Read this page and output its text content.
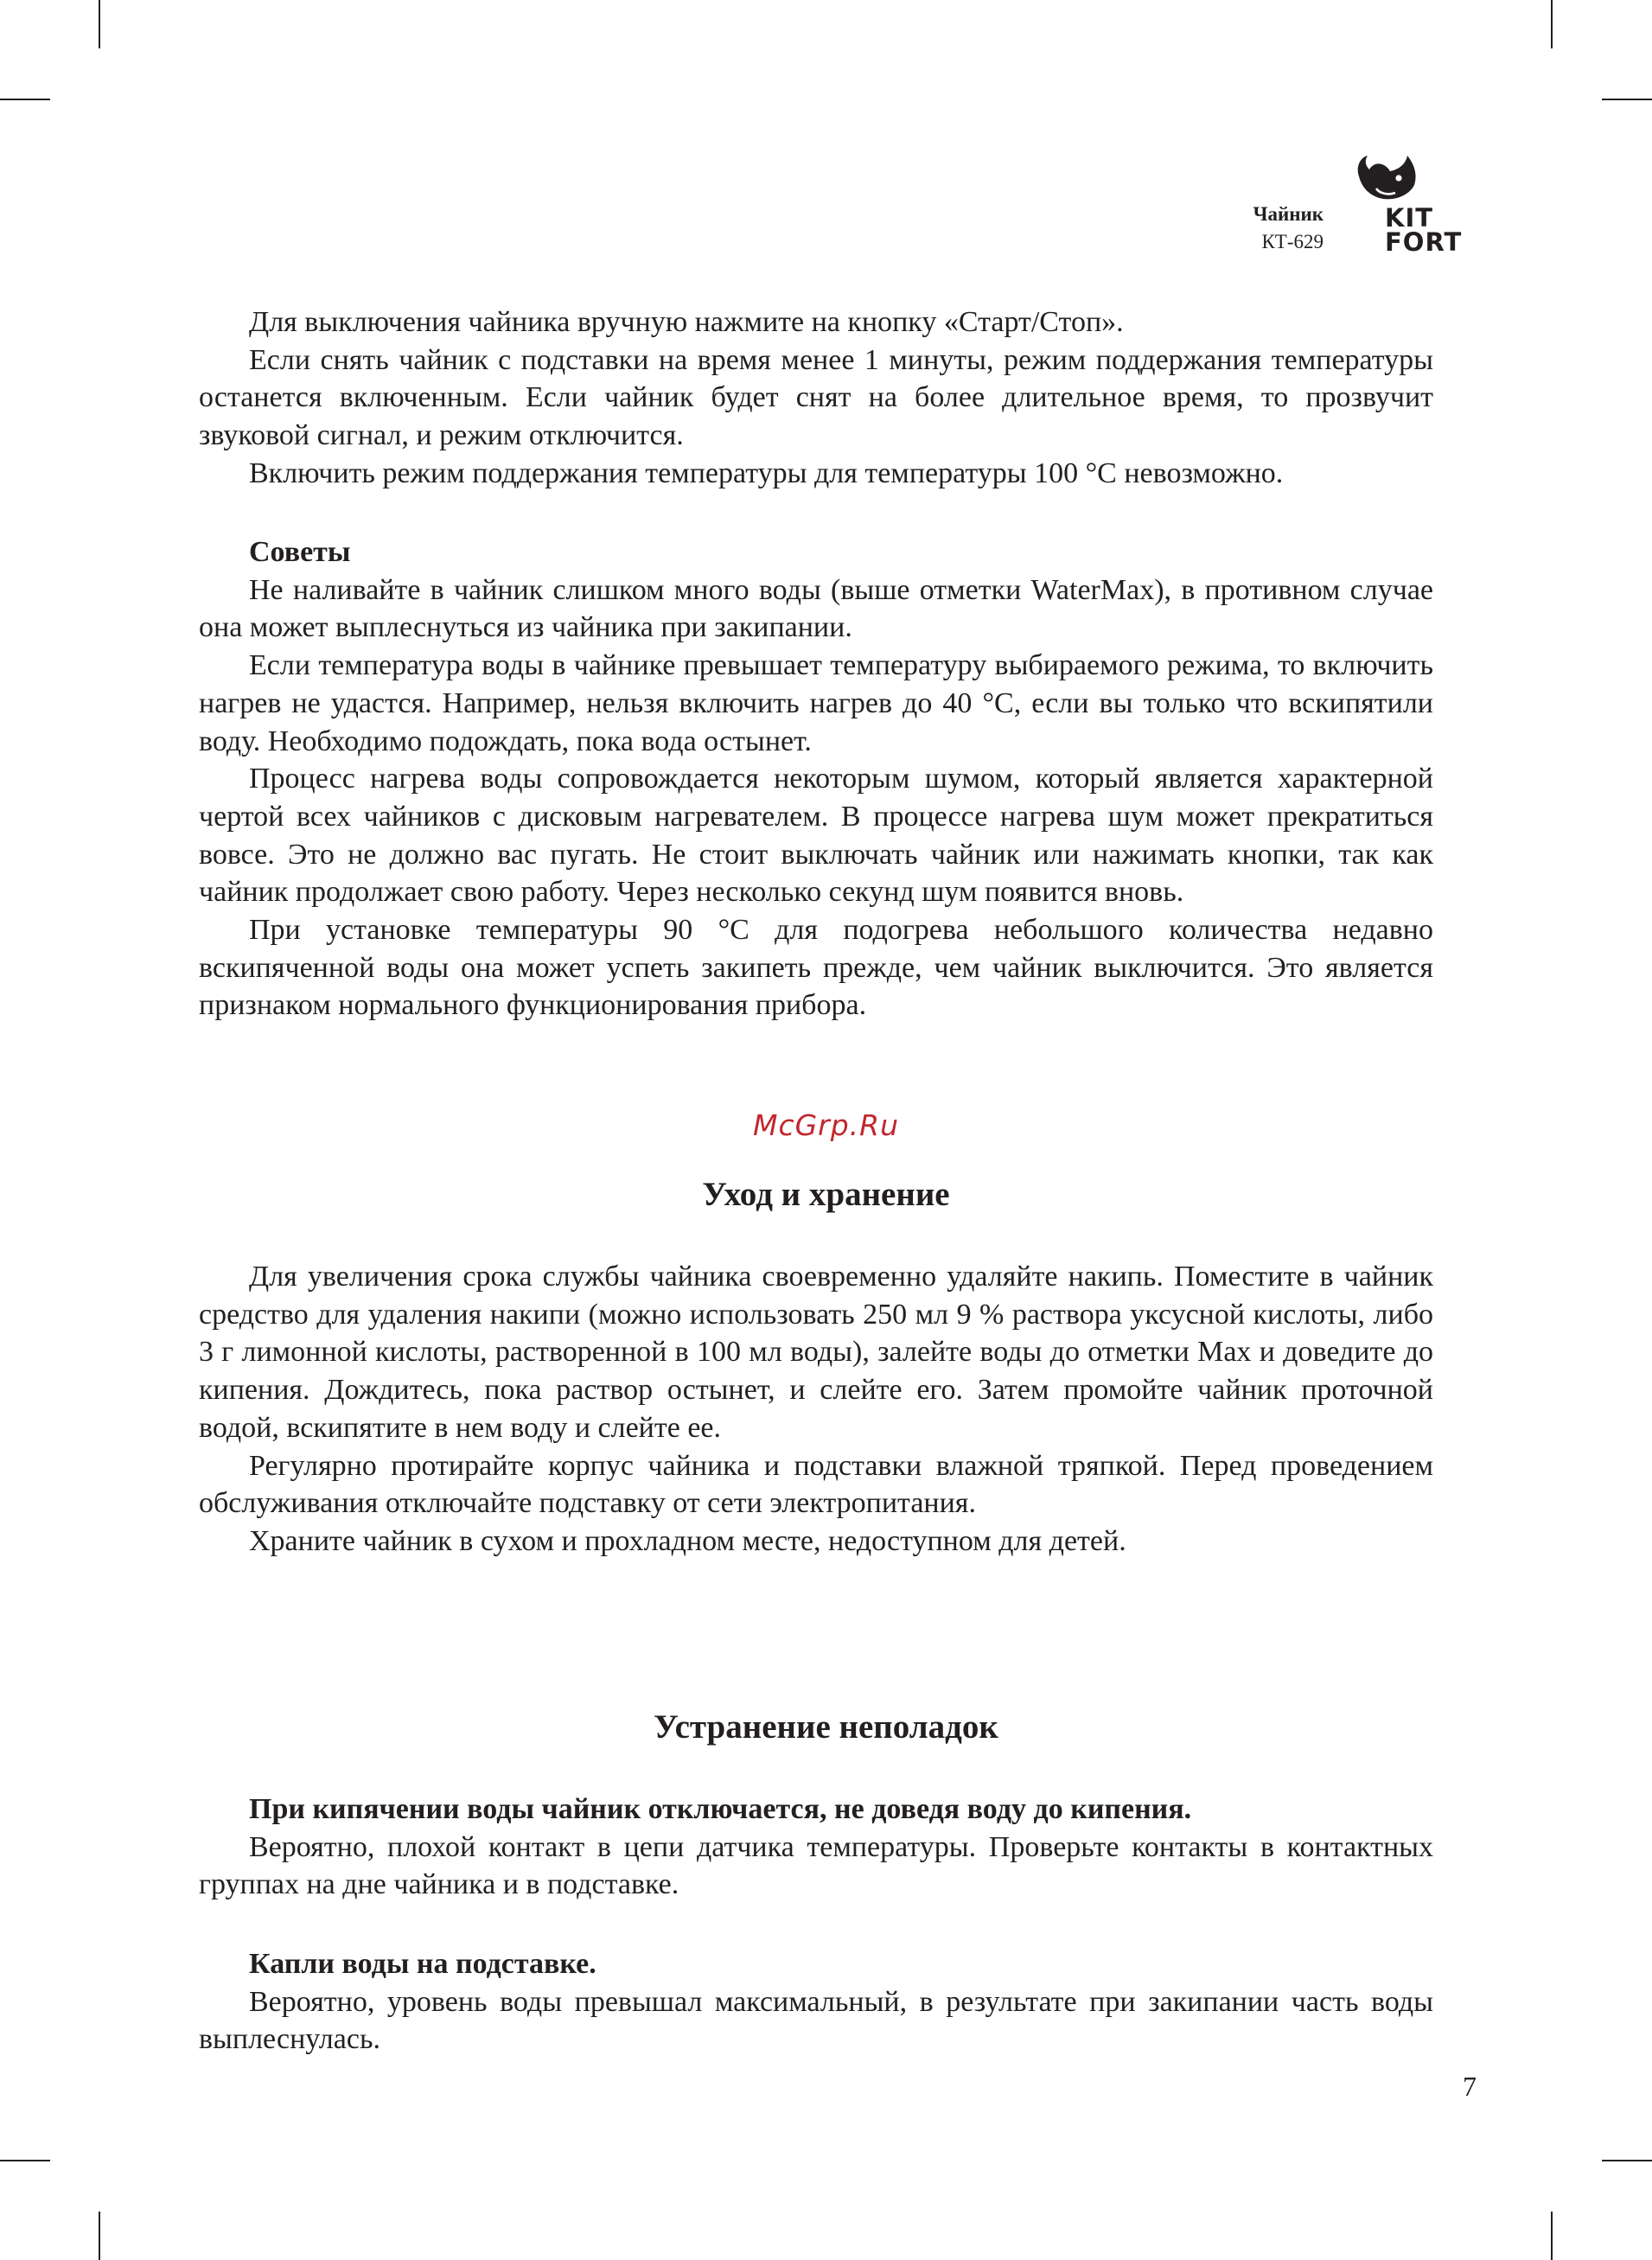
Чайник
КТ-629
KIT
FORT

Для выключения чайника вручную нажмите на кнопку «Старт/Стоп».

Если снять чайник с подставки на время менее 1 минуты, режим поддержания температуры останется включенным. Если чайник будет снят на более длительное время, то прозвучит звуковой сигнал, и режим отключится.

Включить режим поддержания температуры для температуры 100 °С невозможно.

Советы

Не наливайте в чайник слишком много воды (выше отметки WaterMax), в противном случае она может выплеснуться из чайника при закипании.

Если температура воды в чайнике превышает температуру выбираемого режима, то включить нагрев не удастся. Например, нельзя включить нагрев до 40 °С, если вы только что вскипятили воду. Необходимо подождать, пока вода остынет.

Процесс нагрева воды сопровождается некоторым шумом, который является характерной чертой всех чайников с дисковым нагревателем. В процессе нагрева шум может прекратиться вовсе. Это не должно вас пугать. Не стоит выключать чайник или нажимать кнопки, так как чайник продолжает свою работу. Через несколько секунд шум появится вновь.

При установке температуры 90 °С для подогрева небольшого количества недавно вскипяченной воды она может успеть закипеть прежде, чем чайник выключится. Это является признаком нормального функционирования прибора.

McGrp.Ru
Уход и хранение

Для увеличения срока службы чайника своевременно удаляйте накипь. Поместите в чайник средство для удаления накипи (можно использовать 250 мл 9 % раствора уксусной кислоты, либо 3 г лимонной кислоты, растворенной в 100 мл воды), залейте воды до отметки Max и доведите до кипения. Дождитесь, пока раствор остынет, и слейте его. Затем промойте чайник проточной водой, вскипятите в нем воду и слейте ее.

Регулярно протирайте корпус чайника и подставки влажной тряпкой. Перед проведением обслуживания отключайте подставку от сети электропитания.

Храните чайник в сухом и прохладном месте, недоступном для детей.

Устранение неполадок

При кипячении воды чайник отключается, не доведя воду до кипения.

Вероятно, плохой контакт в цепи датчика температуры. Проверьте контакты в контактных группах на дне чайника и в подставке.

Капли воды на подставке.

Вероятно, уровень воды превышал максимальный, в результате при закипании часть воды выплеснулась.

7
